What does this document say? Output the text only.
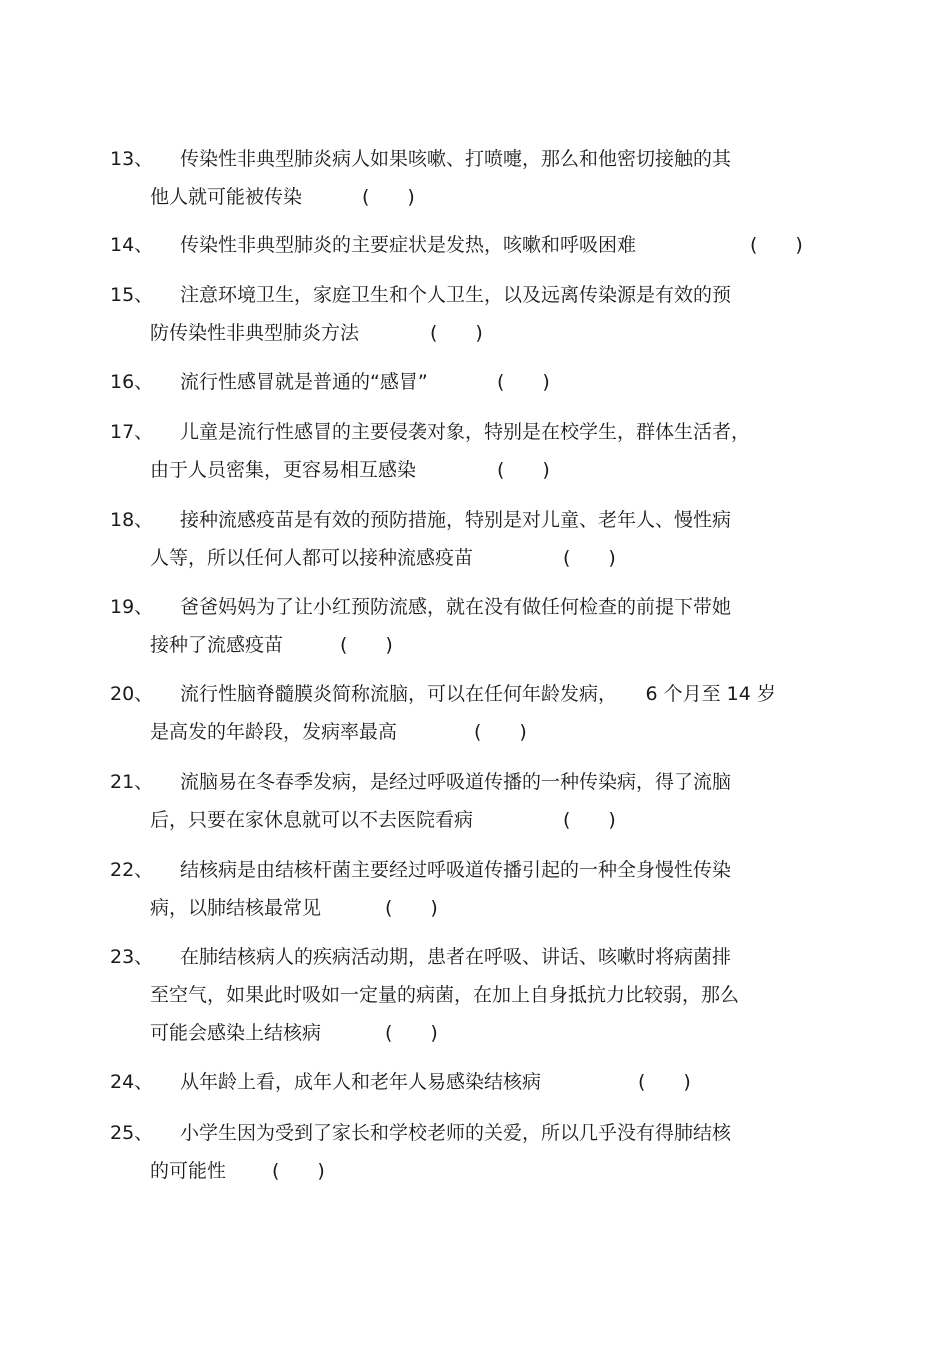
13、 传染性非典型肺炎病人如果咳嗽、打喷嚏，那么和他密切接触的其
他人就可能被传染	(　　)
14、 传染性非典型肺炎的主要症状是发热，咳嗽和呼吸困难	(　　)
15、 注意环境卫生，家庭卫生和个人卫生，以及远离传染源是有效的预
防传染性非典型肺炎方法	(　　)
16、 流行性感冒就是普通的“感冒”	(　　)
17、 儿童是流行性感冒的主要侵袭对象，特别是在校学生，群体生活者，
由于人员密集，更容易相互感染	(　　)
18、 接种流感疫苗是有效的预防措施，特别是对儿童、老年人、慢性病
人等，所以任何人都可以接种流感疫苗	(　　)
19、 爸爸妈妈为了让小红预防流感，就在没有做任何检查的前提下带她
接种了流感疫苗	(　　)
20、 流行性脑脊髓膜炎简称流脑，可以在任何年龄发病，　　6 个月至 14 岁
是高发的年龄段，发病率最高	(　　)
21、 流脑易在冬春季发病，是经过呼吸道传播的一种传染病，得了流脑
后，只要在家休息就可以不去医院看病	(　　)
22、 结核病是由结核杆菌主要经过呼吸道传播引起的一种全身慢性传染
病，以肺结核最常见	(　　)
23、 在肺结核病人的疾病活动期，患者在呼吸、讲话、咳嗽时将病菌排
至空气，如果此时吸如一定量的病菌，在加上自身抵抗力比较弱，那么
可能会感染上结核病	(　　)
24、 从年龄上看，成年人和老年人易感染结核病	(　　)
25、 小学生因为受到了家长和学校老师的关爱，所以几乎没有得肺结核
的可能性 (　　)
